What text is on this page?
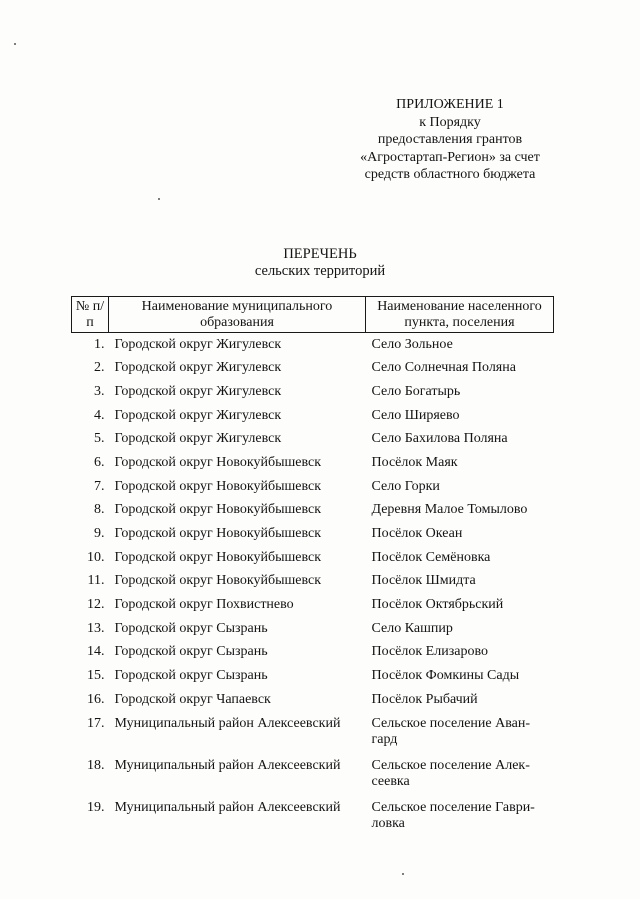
ПРИЛОЖЕНИЕ 1
к Порядку
предоставления грантов
«Агростартап-Регион» за счет
средств областного бюджета
ПЕРЕЧЕНЬ
сельских территорий
№ п/п	Наименование муниципального образования	Наименование населенного пункта, поселения
1.	Городской округ Жигулевск	Село Зольное
2.	Городской округ Жигулевск	Село Солнечная Поляна
3.	Городской округ Жигулевск	Село Богатырь
4.	Городской округ Жигулевск	Село Ширяево
5.	Городской округ Жигулевск	Село Бахилова Поляна
6.	Городской округ Новокуйбышевск	Посёлок Маяк
7.	Городской округ Новокуйбышевск	Село Горки
8.	Городской округ Новокуйбышевск	Деревня Малое Томылово
9.	Городской округ Новокуйбышевск	Посёлок Океан
10.	Городской округ Новокуйбышевск	Посёлок Семёновка
11.	Городской округ Новокуйбышевск	Посёлок Шмидта
12.	Городской округ Похвистнево	Посёлок Октябрьский
13.	Городской округ Сызрань	Село Кашпир
14.	Городской округ Сызрань	Посёлок Елизарово
15.	Городской округ Сызрань	Посёлок Фомкины Сады
16.	Городской округ Чапаевск	Посёлок Рыбачий
17.	Муниципальный район Алексеевский	Сельское поселение Аван-гард
18.	Муниципальный район Алексеевский	Сельское поселение Алек-сеевка
19.	Муниципальный район Алексеевский	Сельское поселение Гаври-ловка
